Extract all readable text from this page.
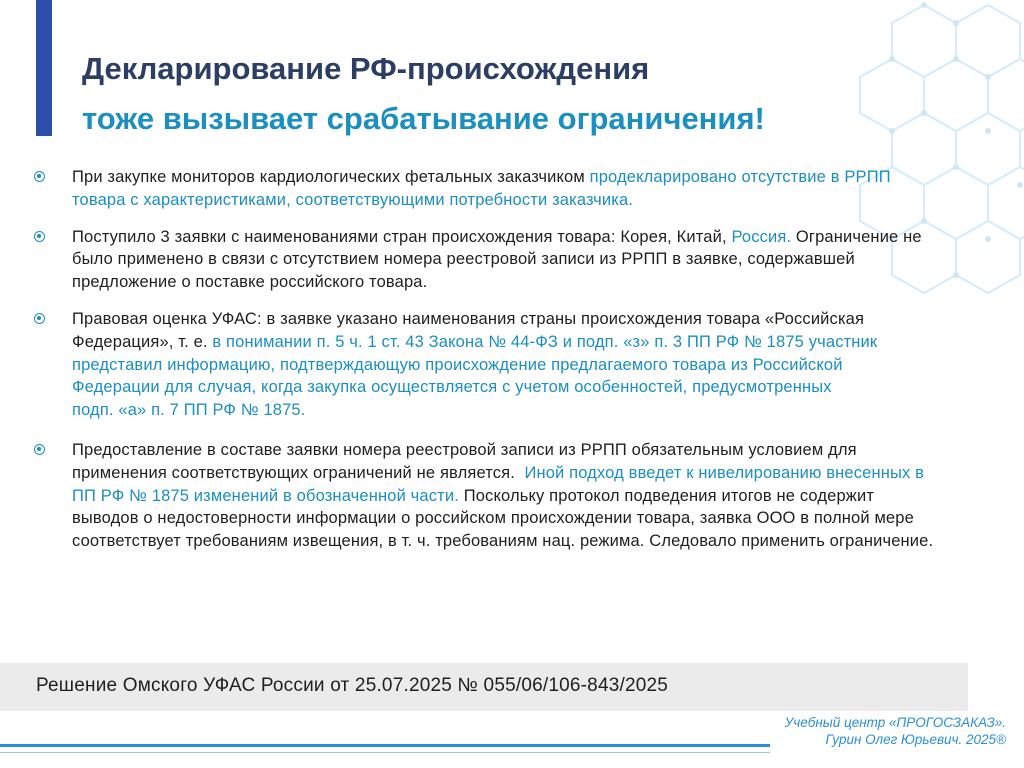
Декларирование РФ-происхождения
тоже вызывает срабатывание ограничения!
При закупке мониторов кардиологических фетальных заказчиком продекларировано отсутствие в РРПП товара с характеристиками, соответствующими потребности заказчика.
Поступило 3 заявки с наименованиями стран происхождения товара: Корея, Китай, Россия. Ограничение не было применено в связи с отсутствием номера реестровой записи из РРПП в заявке, содержавшей предложение о поставке российского товара.
Правовая оценка УФАС: в заявке указано наименования страны происхождения товара «Российская Федерация», т. е. в понимании п. 5 ч. 1 ст. 43 Закона № 44-ФЗ и подп. «з» п. 3 ПП РФ № 1875 участник представил информацию, подтверждающую происхождение предлагаемого товара из Российской Федерации для случая, когда закупка осуществляется с учетом особенностей, предусмотренных
подп. «а» п. 7 ПП РФ № 1875.
Предоставление в составе заявки номера реестровой записи из РРПП обязательным условием для применения соответствующих ограничений не является.  Иной подход введет к нивелированию внесенных в ПП РФ № 1875 изменений в обозначенной части. Поскольку протокол подведения итогов не содержит выводов о недостоверности информации о российском происхождении товара, заявка ООО в полной мере соответствует требованиям извещения, в т. ч. требованиям нац. режима. Следовало применить ограничение.
Решение Омского УФАС России от 25.07.2025 № 055/06/106-843/2025
Учебный центр «ПРОГОСЗАКАЗ».
Гурин Олег Юрьевич. 2025®
